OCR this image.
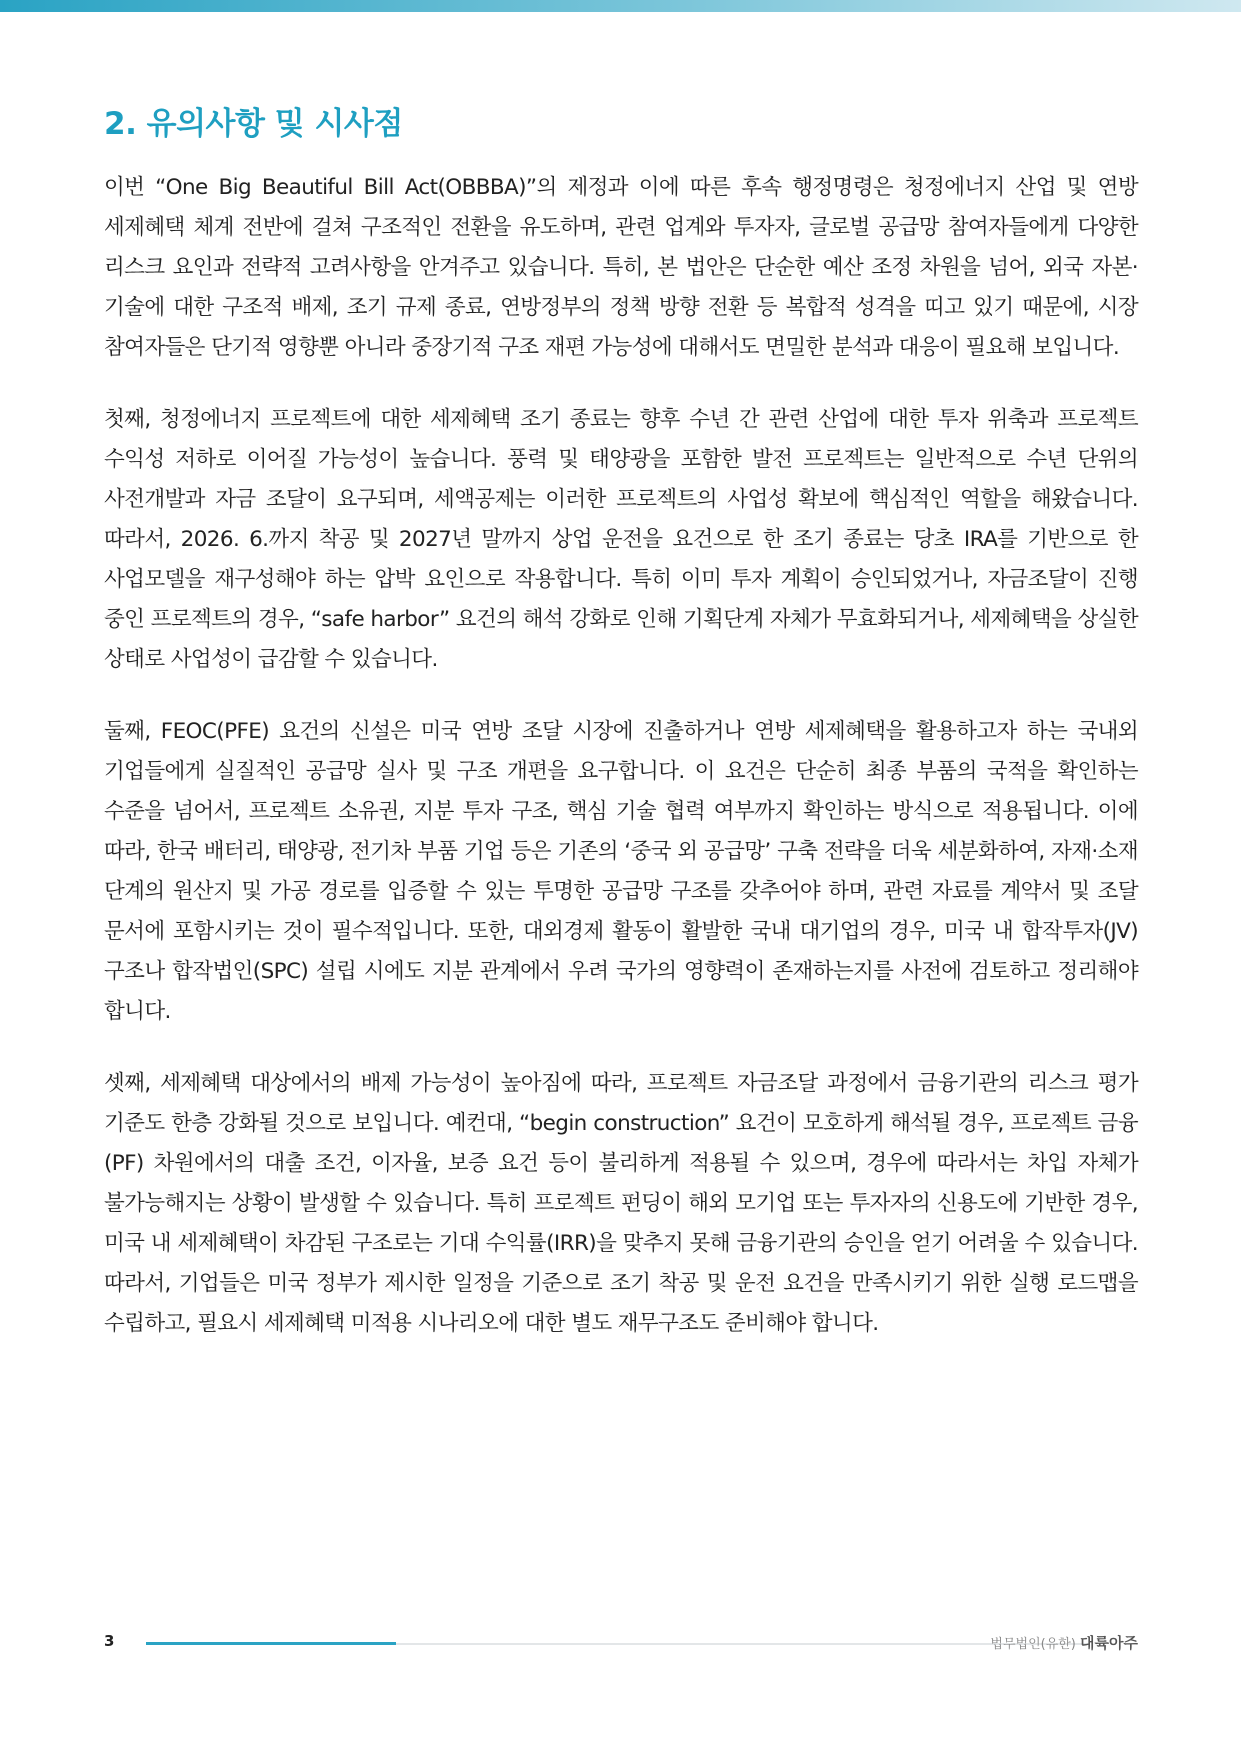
2. 유의사항 및 시사점

이번 “One Big Beautiful Bill Act(OBBBA)”의 제정과 이에 따른 후속 행정명령은 청정에너지 산업 및 연방 세제혜택 체계 전반에 걸쳐 구조적인 전환을 유도하며, 관련 업계와 투자자, 글로벌 공급망 참여자들에게 다양한 리스크 요인과 전략적 고려사항을 안겨주고 있습니다. 특히, 본 법안은 단순한 예산 조정 차원을 넘어, 외국 자본·기술에 대한 구조적 배제, 조기 규제 종료, 연방정부의 정책 방향 전환 등 복합적 성격을 띠고 있기 때문에, 시장 참여자들은 단기적 영향뿐 아니라 중장기적 구조 재편 가능성에 대해서도 면밀한 분석과 대응이 필요해 보입니다.

첫째, 청정에너지 프로젝트에 대한 세제혜택 조기 종료는 향후 수년 간 관련 산업에 대한 투자 위축과 프로젝트 수익성 저하로 이어질 가능성이 높습니다. 풍력 및 태양광을 포함한 발전 프로젝트는 일반적으로 수년 단위의 사전개발과 자금 조달이 요구되며, 세액공제는 이러한 프로젝트의 사업성 확보에 핵심적인 역할을 해왔습니다. 따라서, 2026. 6.까지 착공 및 2027년 말까지 상업 운전을 요건으로 한 조기 종료는 당초 IRA를 기반으로 한 사업모델을 재구성해야 하는 압박 요인으로 작용합니다. 특히 이미 투자 계획이 승인되었거나, 자금조달이 진행 중인 프로젝트의 경우, “safe harbor” 요건의 해석 강화로 인해 기획단계 자체가 무효화되거나, 세제혜택을 상실한 상태로 사업성이 급감할 수 있습니다.

둘째, FEOC(PFE) 요건의 신설은 미국 연방 조달 시장에 진출하거나 연방 세제혜택을 활용하고자 하는 국내외 기업들에게 실질적인 공급망 실사 및 구조 개편을 요구합니다. 이 요건은 단순히 최종 부품의 국적을 확인하는 수준을 넘어서, 프로젝트 소유권, 지분 투자 구조, 핵심 기술 협력 여부까지 확인하는 방식으로 적용됩니다. 이에 따라, 한국 배터리, 태양광, 전기차 부품 기업 등은 기존의 ‘중국 외 공급망’ 구축 전략을 더욱 세분화하여, 자재·소재 단계의 원산지 및 가공 경로를 입증할 수 있는 투명한 공급망 구조를 갖추어야 하며, 관련 자료를 계약서 및 조달 문서에 포함시키는 것이 필수적입니다. 또한, 대외경제 활동이 활발한 국내 대기업의 경우, 미국 내 합작투자(JV) 구조나 합작법인(SPC) 설립 시에도 지분 관계에서 우려 국가의 영향력이 존재하는지를 사전에 검토하고 정리해야 합니다.

셋째, 세제혜택 대상에서의 배제 가능성이 높아짐에 따라, 프로젝트 자금조달 과정에서 금융기관의 리스크 평가 기준도 한층 강화될 것으로 보입니다. 예컨대, “begin construction” 요건이 모호하게 해석될 경우, 프로젝트 금융(PF) 차원에서의 대출 조건, 이자율, 보증 요건 등이 불리하게 적용될 수 있으며, 경우에 따라서는 차입 자체가 불가능해지는 상황이 발생할 수 있습니다. 특히 프로젝트 펀딩이 해외 모기업 또는 투자자의 신용도에 기반한 경우, 미국 내 세제혜택이 차감된 구조로는 기대 수익률(IRR)을 맞추지 못해 금융기관의 승인을 얻기 어려울 수 있습니다. 따라서, 기업들은 미국 정부가 제시한 일정을 기준으로 조기 착공 및 운전 요건을 만족시키기 위한 실행 로드맵을 수립하고, 필요시 세제혜택 미적용 시나리오에 대한 별도 재무구조도 준비해야 합니다.

3	법무법인(유한) 대륙아주
